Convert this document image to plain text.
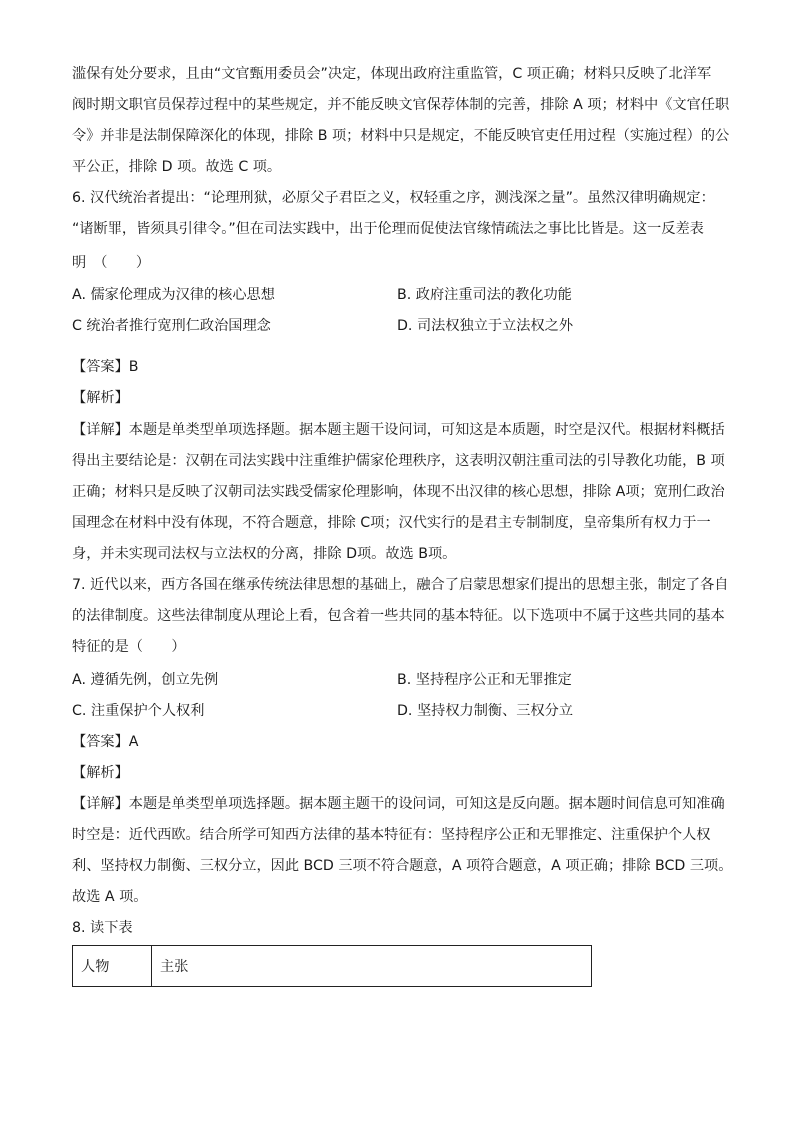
滥保有处分要求，且由“文官甄用委员会”决定，体现出政府注重监管，C 项正确；材料只反映了北洋军
阀时期文职官员保荐过程中的某些规定，并不能反映文官保荐体制的完善，排除 A 项；材料中《文官任职
令》并非是法制保障深化的体现，排除 B 项；材料中只是规定，不能反映官吏任用过程（实施过程）的公
平公正，排除 D 项。故选 C 项。
6. 汉代统治者提出：“论理刑狱，必原父子君臣之义，权轻重之序，测浅深之量”。虽然汉律明确规定：
“诸断罪，皆须具引律令。”但在司法实践中，出于伦理而促使法官缘情疏法之事比比皆是。这一反差表
明　（　　）
A. 儒家伦理成为汉律的核心思想	B. 政府注重司法的教化功能
C 统治者推行宽刑仁政治国理念	D. 司法权独立于立法权之外
【答案】B
【解析】
【详解】本题是单类型单项选择题。据本题主题干设问词，可知这是本质题，时空是汉代。根据材料概括
得出主要结论是：汉朝在司法实践中注重维护儒家伦理秩序，这表明汉朝注重司法的引导教化功能，B 项
正确；材料只是反映了汉朝司法实践受儒家伦理影响，体现不出汉律的核心思想，排除 A项；宽刑仁政治
国理念在材料中没有体现，不符合题意，排除 C项；汉代实行的是君主专制制度，皇帝集所有权力于一
身，并未实现司法权与立法权的分离，排除 D项。故选 B项。
7. 近代以来，西方各国在继承传统法律思想的基础上，融合了启蒙思想家们提出的思想主张，制定了各自
的法律制度。这些法律制度从理论上看，包含着一些共同的基本特征。以下选项中不属于这些共同的基本
特征的是（　　）
A. 遵循先例，创立先例	B. 坚持程序公正和无罪推定
C. 注重保护个人权利	D. 坚持权力制衡、三权分立
【答案】A
【解析】
【详解】本题是单类型单项选择题。据本题主题干的设问词，可知这是反向题。据本题时间信息可知准确
时空是：近代西欧。结合所学可知西方法律的基本特征有：坚持程序公正和无罪推定、注重保护个人权
利、坚持权力制衡、三权分立，因此 BCD 三项不符合题意，A 项符合题意，A 项正确；排除 BCD 三项。
故选 A 项。
8. 读下表
人物	主张
